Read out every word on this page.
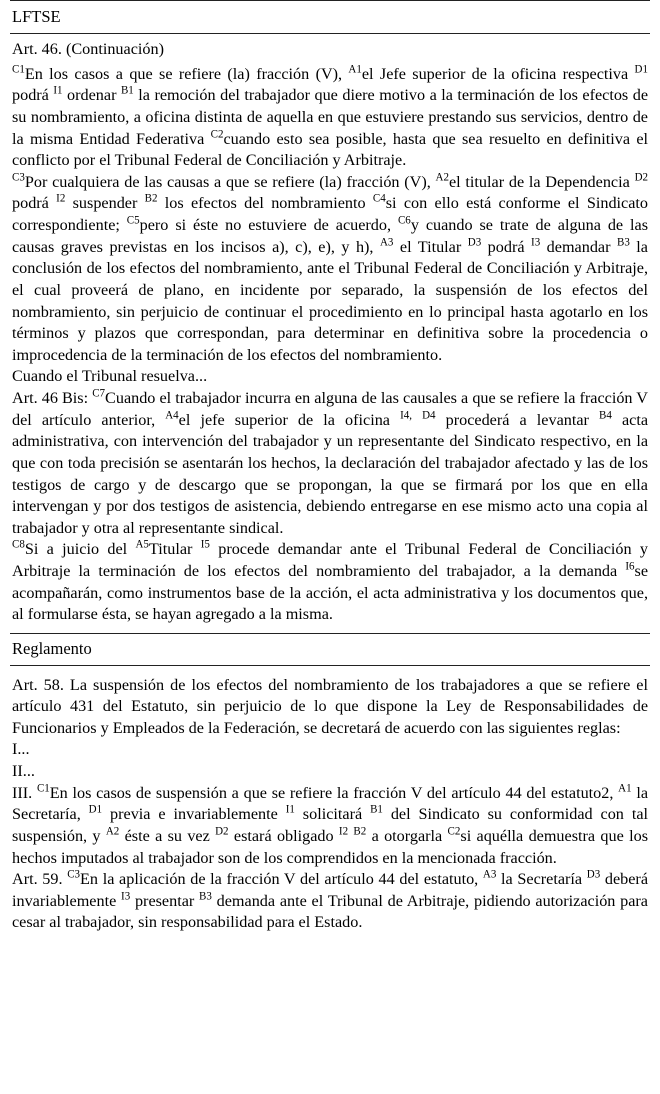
LFTSE

Art. 46. (Continuación)

$^{C1}$En los casos a que se refiere (la) fracción (V), $^{A1}$el Jefe superior de la oficina respectiva $^{D1}$ podrá $^{I1}$ ordenar $^{B1}$ la remoción del trabajador que diere motivo a la terminación de los efectos de su nombramiento, a oficina distinta de aquella en que estuviere prestando sus servicios, dentro de la misma Entidad Federativa $^{C2}$cuando esto sea posible, hasta que sea resuelto en definitiva el conflicto por el Tribunal Federal de Conciliación y Arbitraje.

$^{C3}$Por cualquiera de las causas a que se refiere (la) fracción (V), $^{A2}$el titular de la Dependencia $^{D2}$ podrá $^{I2}$ suspender $^{B2}$ los efectos del nombramiento $^{C4}$si con ello está conforme el Sindicato correspondiente; $^{C5}$pero si éste no estuviere de acuerdo, $^{C6}$y cuando se trate de alguna de las causas graves previstas en los incisos a), c), e), y h), $^{A3}$ el Titular $^{D3}$ podrá $^{I3}$ demandar $^{B3}$ la conclusión de los efectos del nombramiento, ante el Tribunal Federal de Conciliación y Arbitraje, el cual proveerá de plano, en incidente por separado, la suspensión de los efectos del nombramiento, sin perjuicio de continuar el procedimiento en lo principal hasta agotarlo en los términos y plazos que correspondan, para determinar en definitiva sobre la procedencia o improcedencia de la terminación de los efectos del nombramiento.

Cuando el Tribunal resuelva...

Art. 46 Bis: $^{C7}$Cuando el trabajador incurra en alguna de las causales a que se refiere la fracción V del artículo anterior, $^{A4}$el jefe superior de la oficina $^{I4,}$ $^{D4}$ procederá a levantar $^{B4}$ acta administrativa, con intervención del trabajador y un representante del Sindicato respectivo, en la que con toda precisión se asentarán los hechos, la declaración del trabajador afectado y las de los testigos de cargo y de descargo que se propongan, la que se firmará por los que en ella intervengan y por dos testigos de asistencia, debiendo entregarse en ese mismo acto una copia al trabajador y otra al representante sindical.

$^{C8}$Si a juicio del $^{A5}$Titular $^{I5}$ procede demandar ante el Tribunal Federal de Conciliación y Arbitraje la terminación de los efectos del nombramiento del trabajador, a la demanda $^{I6}$se acompañarán, como instrumentos base de la acción, el acta administrativa y los documentos que, al formularse ésta, se hayan agregado a la misma.

Reglamento

Art. 58. La suspensión de los efectos del nombramiento de los trabajadores a que se refiere el artículo 431 del Estatuto, sin perjuicio de lo que dispone la Ley de Responsabilidades de Funcionarios y Empleados de la Federación, se decretará de acuerdo con las siguientes reglas:

I...

II...

III. $^{C1}$En los casos de suspensión a que se refiere la fracción V del artículo 44 del estatuto2, $^{A1}$ la Secretaría, $^{D1}$ previa e invariablemente $^{I1}$ solicitará $^{B1}$ del Sindicato su conformidad con tal suspensión, y $^{A2}$ éste a su vez $^{D2}$ estará obligado $^{I2}$ $^{B2}$ a otorgarla $^{C2}$si aquélla demuestra que los hechos imputados al trabajador son de los comprendidos en la mencionada fracción.

Art. 59. $^{C3}$En la aplicación de la fracción V del artículo 44 del estatuto, $^{A3}$ la Secretaría $^{D3}$ deberá invariablemente $^{I3}$ presentar $^{B3}$ demanda ante el Tribunal de Arbitraje, pidiendo autorización para cesar al trabajador, sin responsabilidad para el Estado.
